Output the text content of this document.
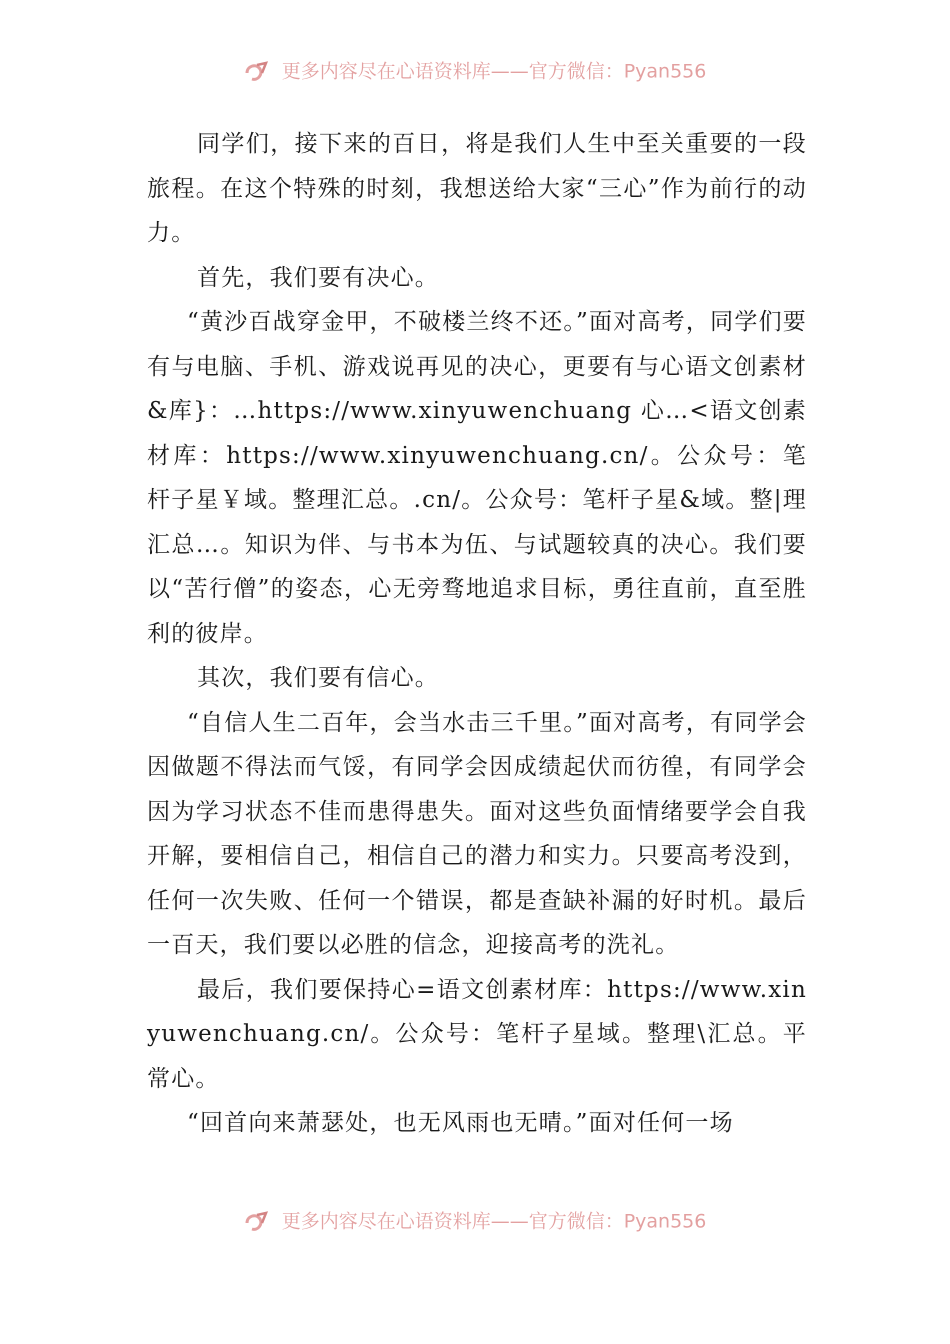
更多内容尽在心语资料库——官方微信：Pyan556

同学们，接下来的百日，将是我们人生中至关重要的一段旅程。在这个特殊的时刻，我想送给大家“三心”作为前行的动力。

首先，我们要有决心。

“黄沙百战穿金甲，不破楼兰终不还。”面对高考，同学们要有与电脑、手机、游戏说再见的决心，更要有与心语文创素材&库}：…https://www.xinyuwenchuang 心…<语文创素材库：https://www.xinyuwenchuang.cn/。公众号：笔杆子星￥域。整理汇总。.cn/。公众号：笔杆子星&域。整|理汇总…。知识为伴、与书本为伍、与试题较真的决心。我们要以“苦行僧”的姿态，心无旁骛地追求目标，勇往直前，直至胜利的彼岸。

其次，我们要有信心。

“自信人生二百年，会当水击三千里。”面对高考，有同学会因做题不得法而气馁，有同学会因成绩起伏而彷徨，有同学会因为学习状态不佳而患得患失。面对这些负面情绪要学会自我开解，要相信自己，相信自己的潜力和实力。只要高考没到，任何一次失败、任何一个错误，都是查缺补漏的好时机。最后一百天，我们要以必胜的信念，迎接高考的洗礼。

最后，我们要保持心=语文创素材库：https://www.xinyuwenchuang.cn/。公众号：笔杆子星域。整理\汇总。平常心。

“回首向来萧瑟处，也无风雨也无晴。”面对任何一场

更多内容尽在心语资料库——官方微信：Pyan556
